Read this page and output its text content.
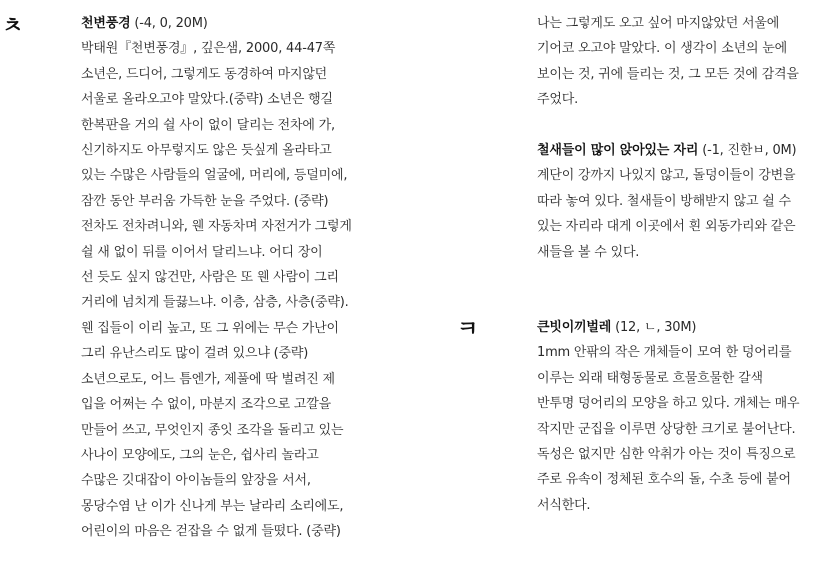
ㅊ	천변풍경 (-4, 0, 20M)
박태원『천변풍경』, 깊은샘, 2000, 44-47쪽
소년은, 드디어, 그렇게도 동경하여 마지않던
서울로 올라오고야 말았다.(중략) 소년은 행길
한복판을 거의 쉴 사이 없이 달리는 전차에 가,
신기하지도 아무렇지도 않은 듯싶게 올라타고
있는 수많은 사람들의 얼굴에, 머리에, 등덜미에,
잠깐 동안 부러움 가득한 눈을 주었다. (중략)
전차도 전차려니와, 웬 자동차며 자전거가 그렇게
쉴 새 없이 뒤를 이어서 달리느냐. 어디 장이
선 듯도 싶지 않건만, 사람은 또 웬 사람이 그리
거리에 넘치게 들끓느냐. 이층, 삼층, 사층(중략).
웬 집들이 이리 높고, 또 그 위에는 무슨 가난이
그리 유난스리도 많이 걸려 있으냐 (중략)
소년으로도, 어느 틈엔가, 제풀에 딱 벌려진 제
입을 어쩌는 수 없이, 마분지 조각으로 고깔을
만들어 쓰고, 무엇인지 종잇 조각을 돌리고 있는
사나이 모양에도, 그의 눈은, 쉽사리 놀라고
수많은 깃대잡이 아이놈들의 앞장을 서서,
몽당수염 난 이가 신나게 부는 날라리 소리에도,
어린이의 마음은 걷잡을 수 없게 들떴다. (중략)
나는 그렇게도 오고 싶어 마지않았던 서울에
기어코 오고야 말았다. 이 생각이 소년의 눈에
보이는 것, 귀에 들리는 것, 그 모든 것에 감격을
주었다.
철새들이 많이 앉아있는 자리 (-1, 진한ㅂ, 0M)
계단이 강까지 나있지 않고, 돌덩이들이 강변을
따라 놓여 있다. 철새들이 방해받지 않고 쉴 수
있는 자리라 대게 이곳에서 흰 외동가리와 같은
새들을 볼 수 있다.
ㅋ	큰빗이끼벌레 (12, ㄴ, 30M)
1mm 안팎의 작은 개체들이 모여 한 덩어리를
이루는 외래 태형동물로 흐물흐물한 갈색
반투명 덩어리의 모양을 하고 있다. 개체는 매우
작지만 군집을 이루면 상당한 크기로 불어난다.
독성은 없지만 심한 악취가 아는 것이 특징으로
주로 유속이 정체된 호수의 돌, 수초 등에 붙어
서식한다.
